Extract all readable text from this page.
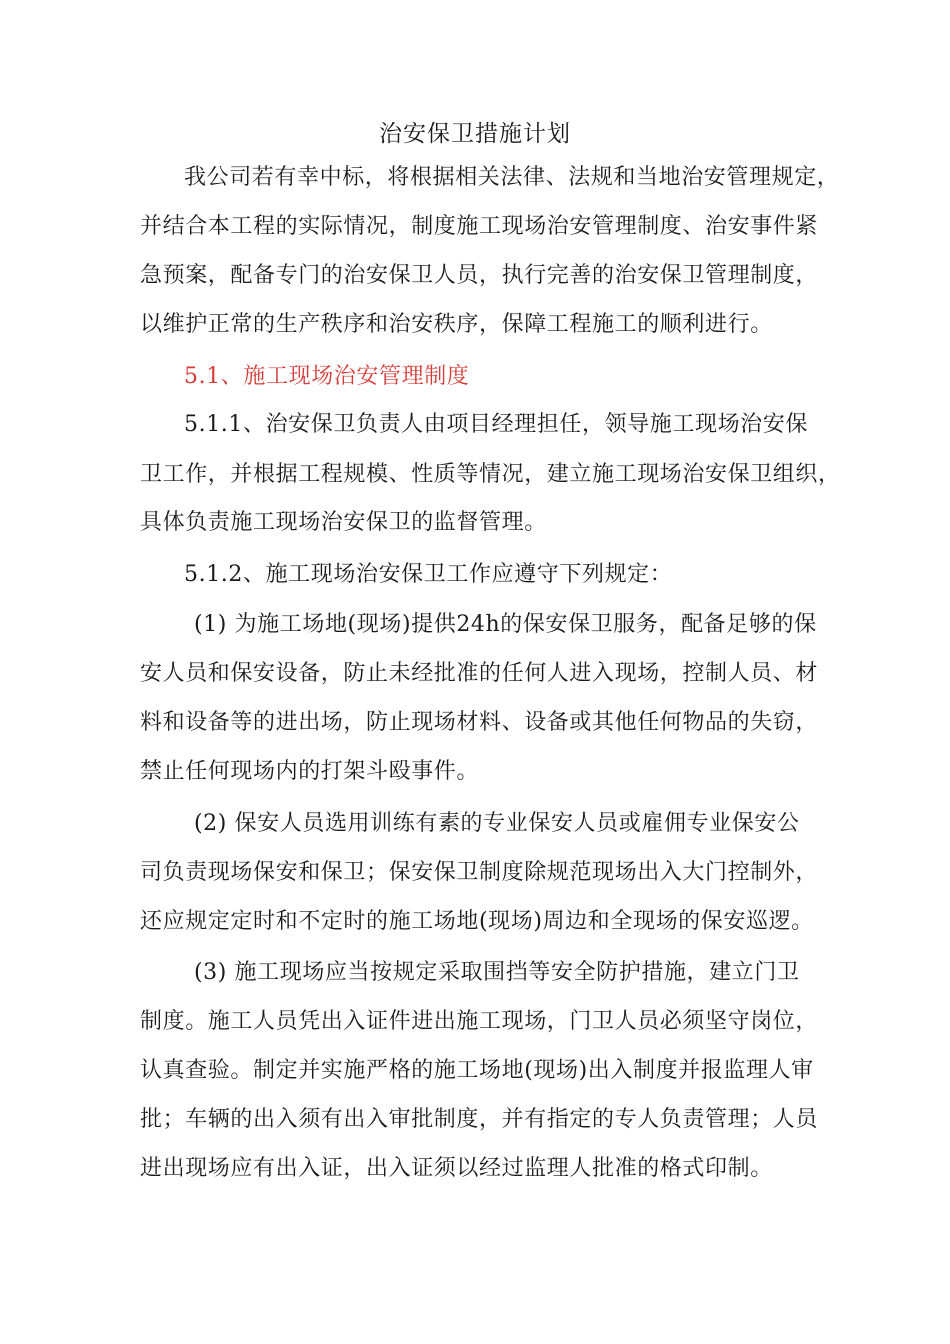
治安保卫措施计划
我公司若有幸中标，将根据相关法律、法规和当地治安管理规定，
并结合本工程的实际情况，制度施工现场治安管理制度、治安事件紧
急预案，配备专门的治安保卫人员，执行完善的治安保卫管理制度，
以维护正常的生产秩序和治安秩序，保障工程施工的顺利进行。
5.1、施工现场治安管理制度
5.1.1、治安保卫负责人由项目经理担任，领导施工现场治安保
卫工作，并根据工程规模、性质等情况，建立施工现场治安保卫组织，
具体负责施工现场治安保卫的监督管理。
5.1.2、施工现场治安保卫工作应遵守下列规定：
(1) 为施工场地(现场)提供24h的保安保卫服务，配备足够的保
安人员和保安设备，防止未经批准的任何人进入现场，控制人员、材
料和设备等的进出场，防止现场材料、设备或其他任何物品的失窃，
禁止任何现场内的打架斗殴事件。
(2) 保安人员选用训练有素的专业保安人员或雇佣专业保安公
司负责现场保安和保卫；保安保卫制度除规范现场出入大门控制外，
还应规定定时和不定时的施工场地(现场)周边和全现场的保安巡逻。
(3) 施工现场应当按规定采取围挡等安全防护措施，建立门卫
制度。施工人员凭出入证件进出施工现场，门卫人员必须坚守岗位，
认真查验。制定并实施严格的施工场地(现场)出入制度并报监理人审
批；车辆的出入须有出入审批制度，并有指定的专人负责管理；人员
进出现场应有出入证，出入证须以经过监理人批准的格式印制。
